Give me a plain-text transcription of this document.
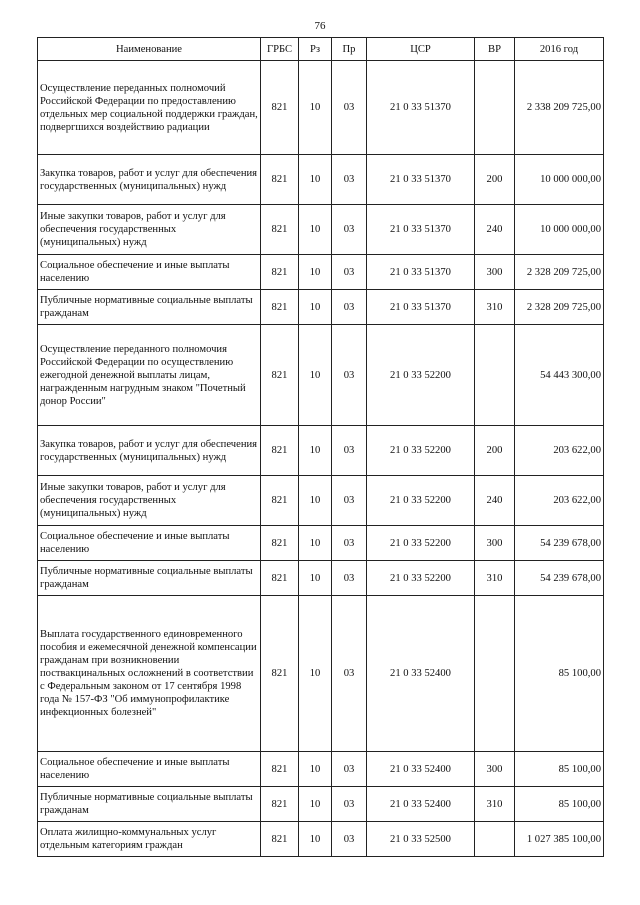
76
Наименование	ГРБС	Рз	Пр	ЦСР	ВР	2016 год
Осуществление переданных полномочий Российской Федерации по предоставлению отдельных мер социальной поддержки граждан, подвергшихся воздействию радиации	821	10	03	21 0 33 51370		2 338 209 725,00
Закупка товаров, работ и услуг для обеспечения государственных (муниципальных) нужд	821	10	03	21 0 33 51370	200	10 000 000,00
Иные закупки товаров, работ и услуг для обеспечения государственных (муниципальных) нужд	821	10	03	21 0 33 51370	240	10 000 000,00
Социальное обеспечение и иные выплаты населению	821	10	03	21 0 33 51370	300	2 328 209 725,00
Публичные нормативные социальные выплаты гражданам	821	10	03	21 0 33 51370	310	2 328 209 725,00
Осуществление переданного полномочия Российской Федерации по осуществлению ежегодной денежной выплаты лицам, награжденным нагрудным знаком "Почетный донор России"	821	10	03	21 0 33 52200		54 443 300,00
Закупка товаров, работ и услуг для обеспечения государственных (муниципальных) нужд	821	10	03	21 0 33 52200	200	203 622,00
Иные закупки товаров, работ и услуг для обеспечения государственных (муниципальных) нужд	821	10	03	21 0 33 52200	240	203 622,00
Социальное обеспечение и иные выплаты населению	821	10	03	21 0 33 52200	300	54 239 678,00
Публичные нормативные социальные выплаты гражданам	821	10	03	21 0 33 52200	310	54 239 678,00
Выплата государственного единовременного пособия и ежемесячной денежной компенсации гражданам при возникновении поствакцинальных осложнений в соответствии с Федеральным законом от 17 сентября 1998 года № 157-ФЗ "Об иммунопрофилактике инфекционных болезней"	821	10	03	21 0 33 52400		85 100,00
Социальное обеспечение и иные выплаты населению	821	10	03	21 0 33 52400	300	85 100,00
Публичные нормативные социальные выплаты гражданам	821	10	03	21 0 33 52400	310	85 100,00
Оплата жилищно-коммунальных услуг отдельным категориям граждан	821	10	03	21 0 33 52500		1 027 385 100,00
